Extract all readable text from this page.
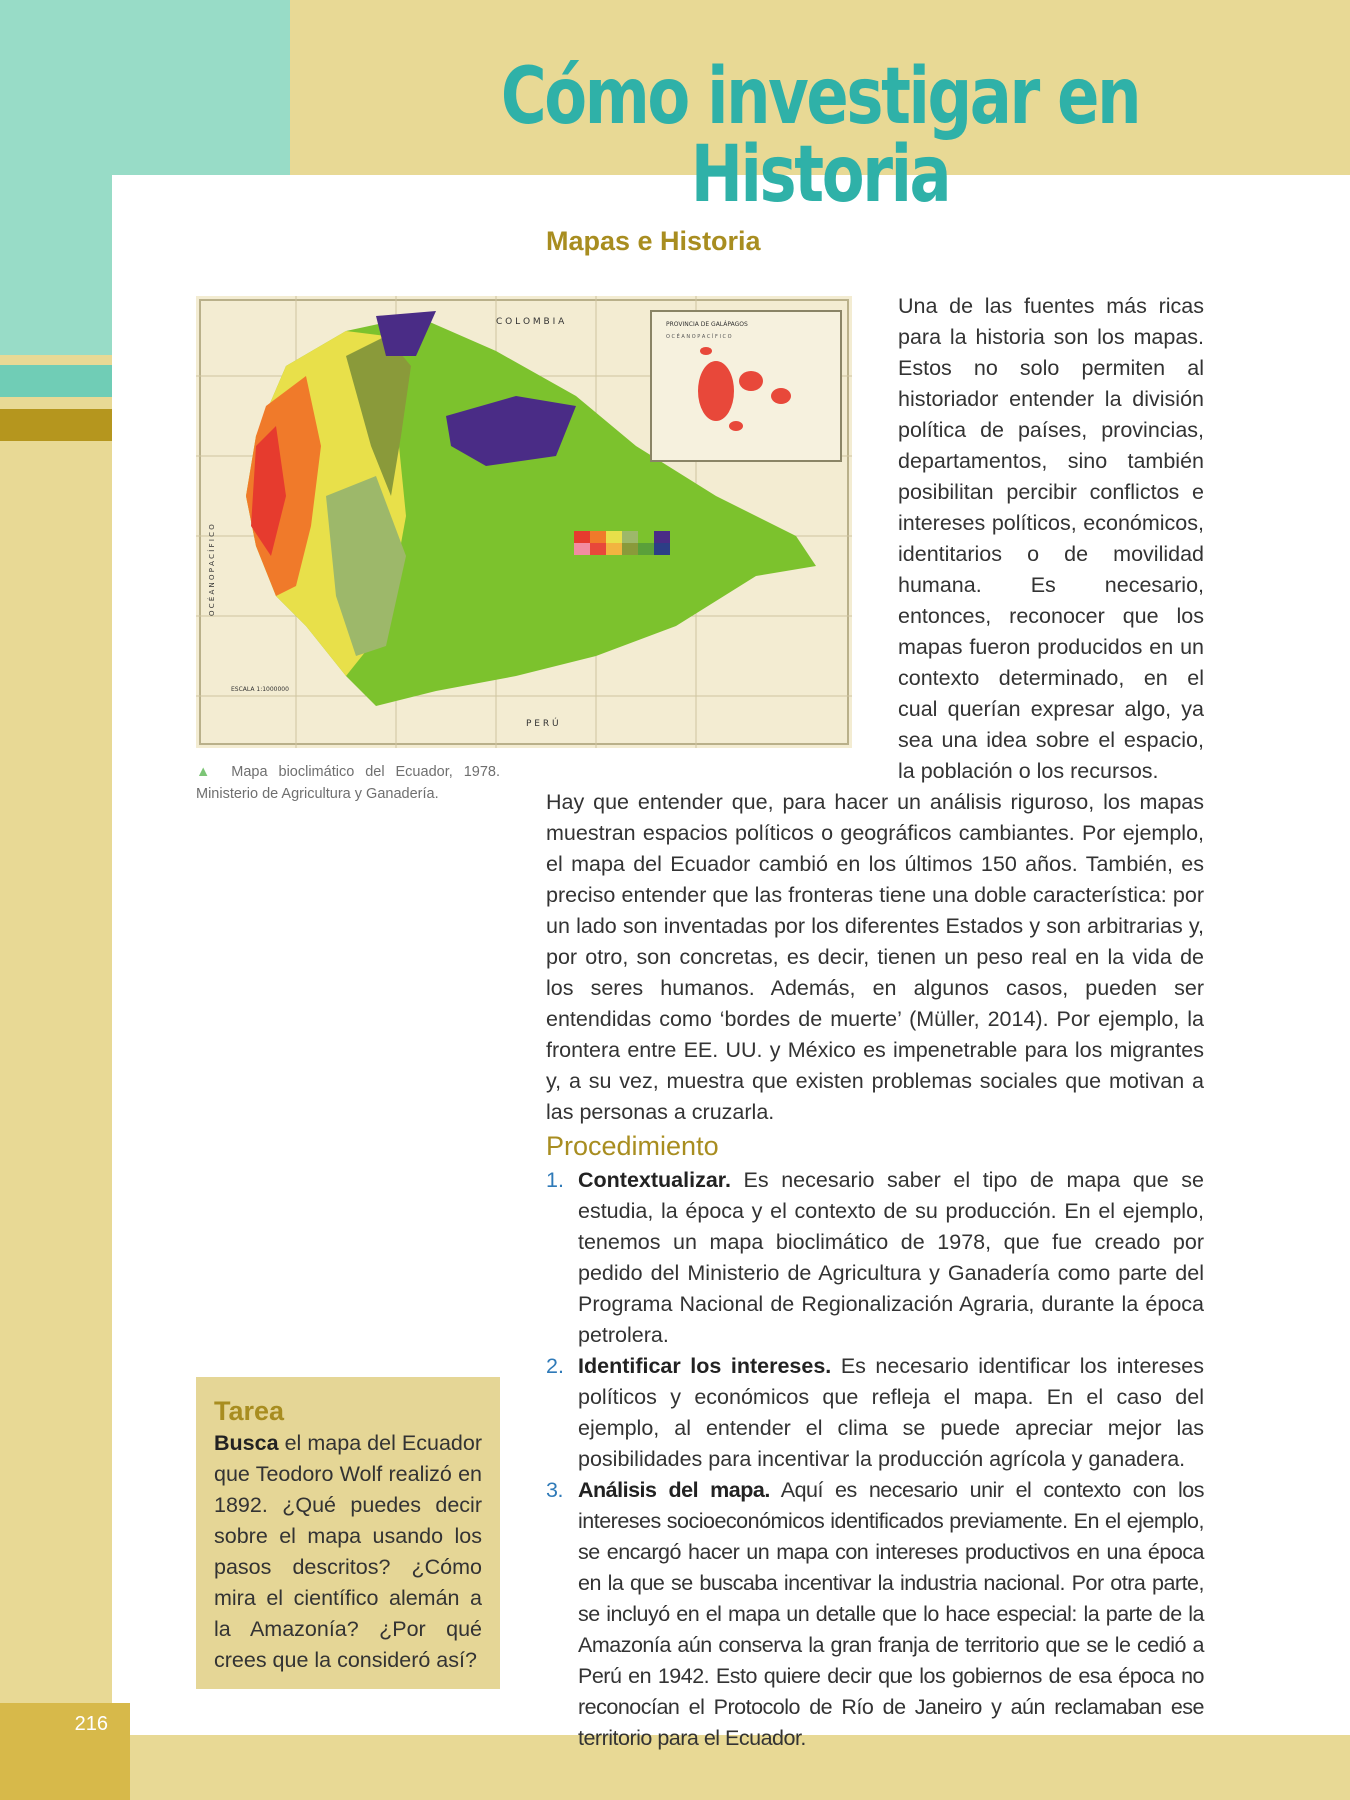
216
Cómo investigar en Historia
Mapas e Historia
C O L O M B I A
P E R Ú
PROVINCIA DE GALÁPAGOS
O C É A N O P A C Í F I C O
ESCALA 1:1000000
O C É A N O P A C Í F I C O

▲ Mapa bioclimático del Ecuador, 1978. Ministerio de Agricultura y Ganadería.

Una de las fuentes más ricas para la historia son los mapas. Estos no solo permiten al historiador entender la división política de países, provincias, departamentos, sino también posibilitan percibir conflictos e intereses políticos, económicos, identitarios o de movilidad humana. Es necesario, entonces, reconocer que los mapas fueron producidos en un contexto determinado, en el cual querían expresar algo, ya sea una idea sobre el espacio, la población o los recursos.

Hay que entender que, para hacer un análisis riguroso, los mapas muestran espacios políticos o geográficos cambiantes. Por ejemplo, el mapa del Ecuador cambió en los últimos 150 años. También, es preciso entender que las fronteras tiene una doble característica: por un lado son inventadas por los diferentes Estados y son arbitrarias y, por otro, son concretas, es decir, tienen un peso real en la vida de los seres humanos. Además, en algunos casos, pueden ser entendidas como ‘bordes de muerte’ (Müller, 2014). Por ejemplo, la frontera entre EE. UU. y México es impenetrable para los migrantes y, a su vez, muestra que existen problemas sociales que motivan a las personas a cruzarla.

Procedimiento
1. Contextualizar. Es necesario saber el tipo de mapa que se estudia, la época y el contexto de su producción. En el ejemplo, tenemos un mapa bioclimático de 1978, que fue creado por pedido del Ministerio de Agricultura y Ganadería como parte del Programa Nacional de Regionalización Agraria, durante la época petrolera.
2. Identificar los intereses. Es necesario identificar los intereses políticos y económicos que refleja el mapa. En el caso del ejemplo, al entender el clima se puede apreciar mejor las posibilidades para incentivar la producción agrícola y ganadera.
3. Análisis del mapa. Aquí es necesario unir el contexto con los intereses socioeconómicos identificados previamente. En el ejemplo, se encargó hacer un mapa con intereses productivos en una época en la que se buscaba incentivar la industria nacional. Por otra parte, se incluyó en el mapa un detalle que lo hace especial: la parte de la Amazonía aún conserva la gran franja de territorio que se le cedió a Perú en 1942. Esto quiere decir que los gobiernos de esa época no reconocían el Protocolo de Río de Janeiro y aún reclamaban ese territorio para el Ecuador.
Tarea

Busca el mapa del Ecuador que Teodoro Wolf realizó en 1892. ¿Qué puedes decir sobre el mapa usando los pasos descritos? ¿Cómo mira el científico alemán a la Amazonía? ¿Por qué crees que la consideró así?
